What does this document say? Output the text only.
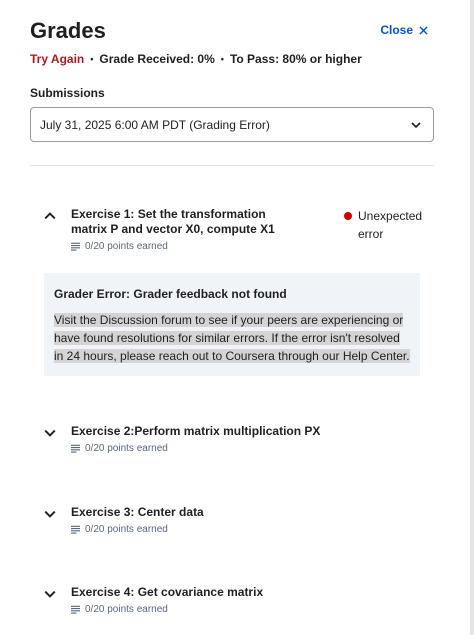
Grades	Close
Try Again • Grade Received: 0% • To Pass: 80% or higher
Submissions
July 31, 2025 6:00 AM PDT (Grading Error)
Exercise 1: Set the transformation matrix P and vector X0, compute X1
0/20 points earned
Unexpected error
Grader Error: Grader feedback not found
Visit the Discussion forum to see if your peers are experiencing or have found resolutions for similar errors. If the error isn't resolved in 24 hours, please reach out to Coursera through our Help Center.
Exercise 2:Perform matrix multiplication PX
0/20 points earned
Exercise 3: Center data
0/20 points earned
Exercise 4: Get covariance matrix
0/20 points earned
